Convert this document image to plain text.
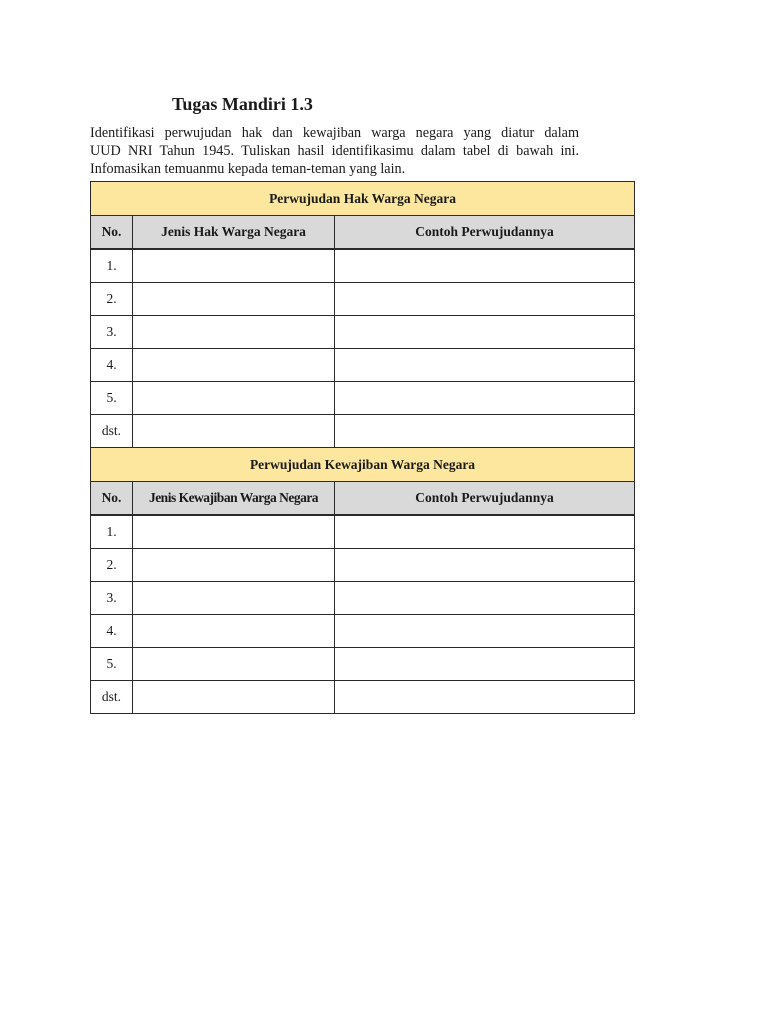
Tugas Mandiri 1.3
Identifikasi perwujudan hak dan kewajiban warga negara yang diatur dalam
UUD NRI Tahun 1945. Tuliskan hasil identifikasimu dalam tabel di bawah ini.
Infomasikan temuanmu kepada teman-teman yang lain.
Perwujudan Hak Warga Negara		
No.	Jenis Hak Warga Negara	Contoh Perwujudannya
1.		
2.		
3.		
4.		
5.		
dst.		
Perwujudan Kewajiban Warga Negara		
No.	Jenis Kewajiban Warga Negara	Contoh Perwujudannya
1.		
2.		
3.		
4.		
5.		
dst.		
